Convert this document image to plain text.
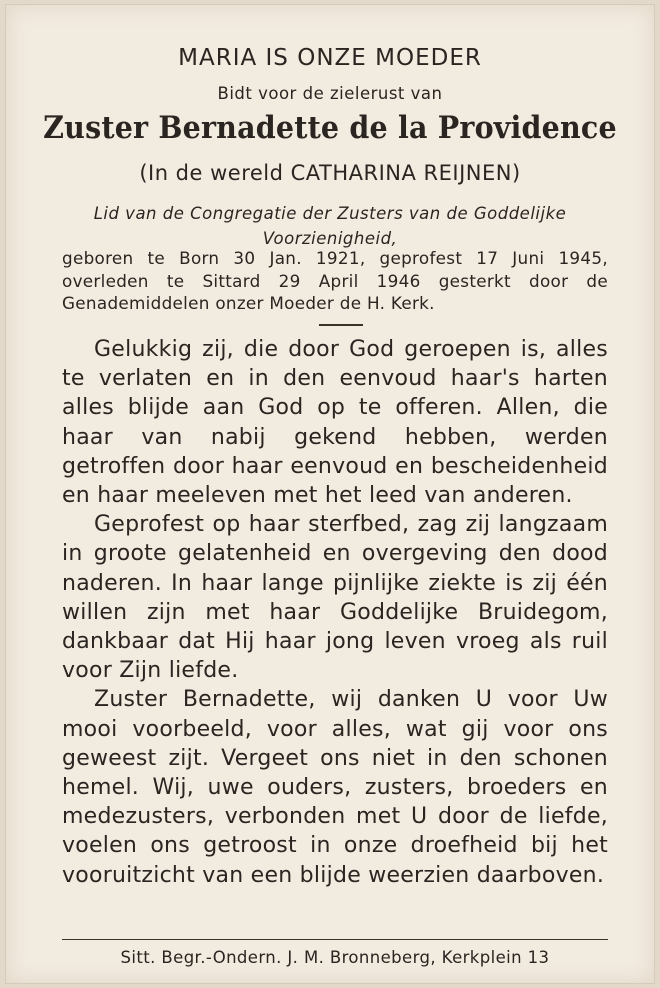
MARIA IS ONZE MOEDER
Bidt voor de zielerust van
Zuster Bernadette de la Providence
(In de wereld CATHARINA REIJNEN)
Lid van de Congregatie der Zusters van de Goddelijke
Voorzienigheid,
geboren te Born 30 Jan. 1921, geprofest 17 Juni 1945, overleden te Sittard 29 April 1946 gesterkt door de Genademiddelen onzer Moeder de H. Kerk.

Gelukkig zij, die door God geroepen is, alles te verlaten en in den eenvoud haar's harten alles blijde aan God op te offeren. Allen, die haar van nabij gekend hebben, werden getroffen door haar eenvoud en bescheidenheid en haar meeleven met het leed van anderen.

Geprofest op haar sterfbed, zag zij langzaam in groote gelatenheid en overgeving den dood naderen. In haar lange pijnlijke ziekte is zij één willen zijn met haar Goddelijke Bruidegom, dankbaar dat Hij haar jong leven vroeg als ruil voor Zijn liefde.

Zuster Bernadette, wij danken U voor Uw mooi voorbeeld, voor alles, wat gij voor ons geweest zijt. Vergeet ons niet in den schonen hemel. Wij, uwe ouders, zusters, broeders en medezusters, verbonden met U door de liefde, voelen ons getroost in onze droefheid bij het vooruitzicht van een blijde weerzien daarboven.

Sitt. Begr.-Ondern. J. M. Bronneberg, Kerkplein 13
